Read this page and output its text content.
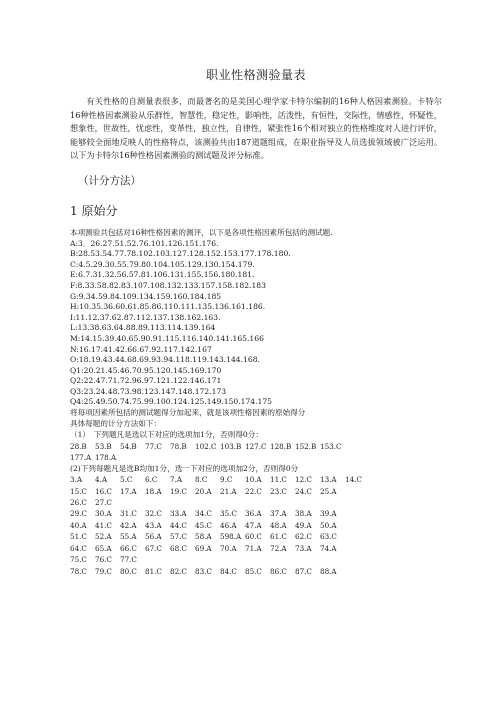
职业性格测验量表
有关性格的自测量表很多，而最著名的是美国心理学家卡特尔编制的16种人格因素测验。卡特尔16种性格因素测验从乐群性，智慧性，稳定性，影响性，活泼性，有恒性，交际性，情感性，怀疑性，想象性，世故性，忧虑性，变革性，独立性，自律性，紧张性16个相对独立的性格维度对人进行评价，能够较全面地反映人的性格特点，该测验共由187道题组成，在职业指导及人员选拔领域被广泛运用。以下为卡特尔16种性格因素测验的测试题及评分标准。
（计分方法）
1 原始分
本项测验共包括对16种性格因素的测评，以下是各项性格因素所包括的测试题.
A:3．26.27.51.52.76.101.126.151.176.
B:28.53.54.77.78.102.103.127.128.152.153.177.178.180.
C:4.5.29.30.55.79.80.104.105.129.130.154.179.
E:6.7.31.32.56.57.81.106.131.155.156.180.181.
F:8.33.58.82.83.107.108.132.133.157.158.182.183
G:9.34.59.84.109.134.159.160.184.185
H:10.35.36.60.61.85.86.110.111.135.136.161.186.
I:11.12.37.62.87.112.137.138.162.163.
L:13.38.63.64.88.89.113.114.139.164
M:14.15.39.40.65.90.91.115.116.140.141.165.166
N:16.17.41.42.66.67.92.117.142.167
O:18.19.43.44.68.69.93.94.118.119.143.144.168.
Q1:20.21.45.46.70.95.120.145.169.170
Q2:22.47.71.72.96.97.121.122.146.171
Q3:23.24.48.73.98.123.147.148.172.173
Q4:25.49.50.74.75.99.100.124.125.149.150.174.175
将每项因素所包括的测试题得分加起来，就是该项性格因素的原始得分
具体每题的计分方法如下：
（1）　下列题凡是选以下对应的选项加1分，否则得0分：
28.B	53.B	54.B	77.C	78.B	102.C 103.B 127.C 128.B 152.B 153.C
177.A 178.A
(2)下列每题凡是选B均加1分，选一下对应的选项加2分，否则得0分
3.A	4.A	5.C	6.C	7.A	8.C	9.C	10.A	11.C	12.C	13.A	14.C
15.C	16.C	17.A	18.A	19.C	20.A	21.A	22.C	23.C	24.C	25.A
26.C	27.C
29.C	30.A	31.C	32.C	33.A	34.C	35.C	36.A	37.A	38.A	39.A
40.A	41.C	42.A	43.A	44.C	45.C	46.A	47.A	48.A	49.A	50.A
51.C	52.A	55.A	56.A	57.C	58.A	598.A 60.C	61.C	62.C	63.C
64.C	65.A	66.C	67.C	68.C	69.A	70.A	71.A	72.A	73.A	74.A
75.C	76.C	77.C
78.C	79.C	80.C	81.C	82.C	83.C	84.C	85.C	86.C	87.C	88.A
